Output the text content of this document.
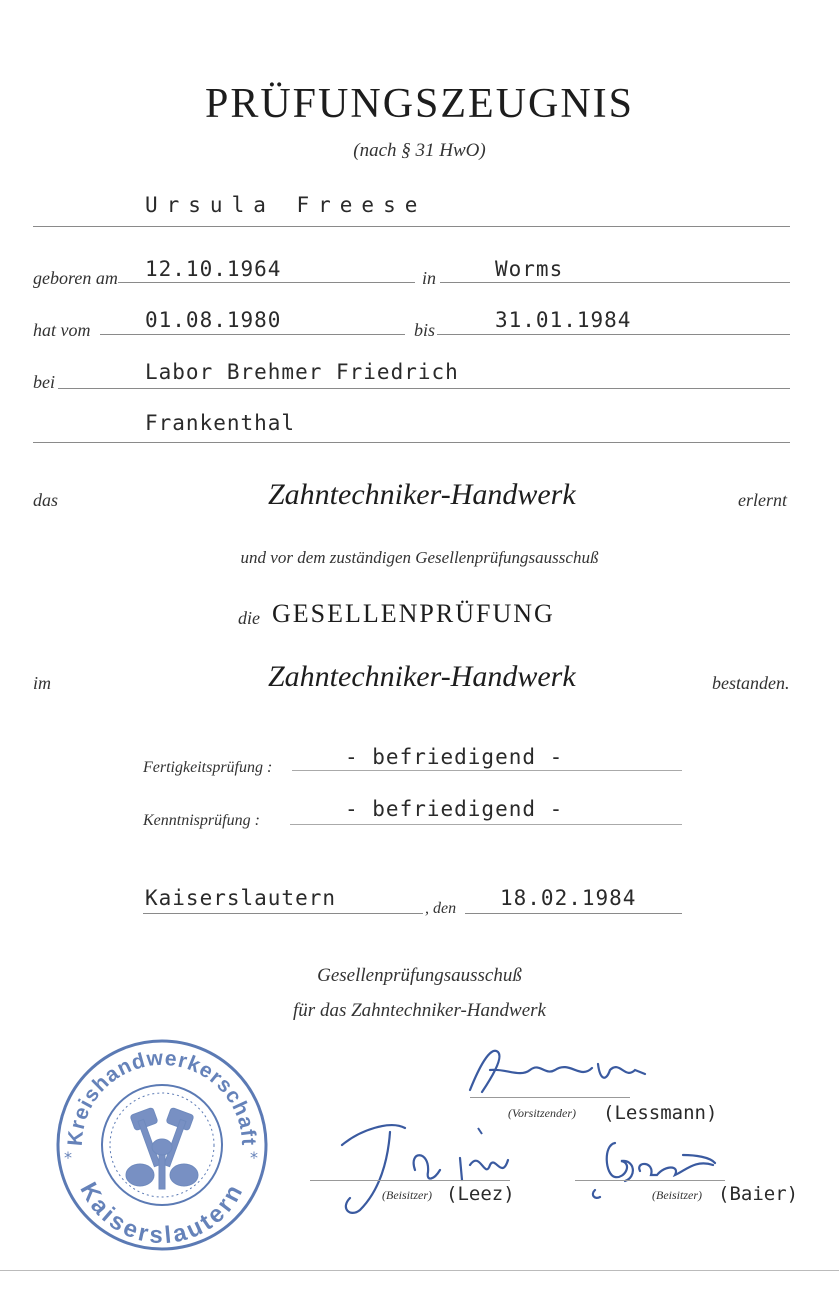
PRÜFUNGSZEUGNIS
(nach § 31 HwO)
Ursula Freese
geboren am 12.10.1964	in	Worms
hat vom	01.08.1980	bis	31.01.1984
bei	Labor Brehmer Friedrich
Frankenthal
das	Zahntechniker-Handwerk	erlernt
und vor dem zuständigen Gesellenprüfungsausschuß
die GESELLENPRÜFUNG
im	Zahntechniker-Handwerk	bestanden.
Fertigkeitsprüfung :	- befriedigend -
Kenntnisprüfung :	- befriedigend -
Kaiserslautern	, den 18.02.1984
Gesellenprüfungsausschuß
für das Zahntechniker-Handwerk
Kreishandwerkerschaft
Kaiserslautern
*	*
(Vorsitzender) (Lessmann)
(Beisitzer) (Leez)	(Beisitzer) (Baier)
